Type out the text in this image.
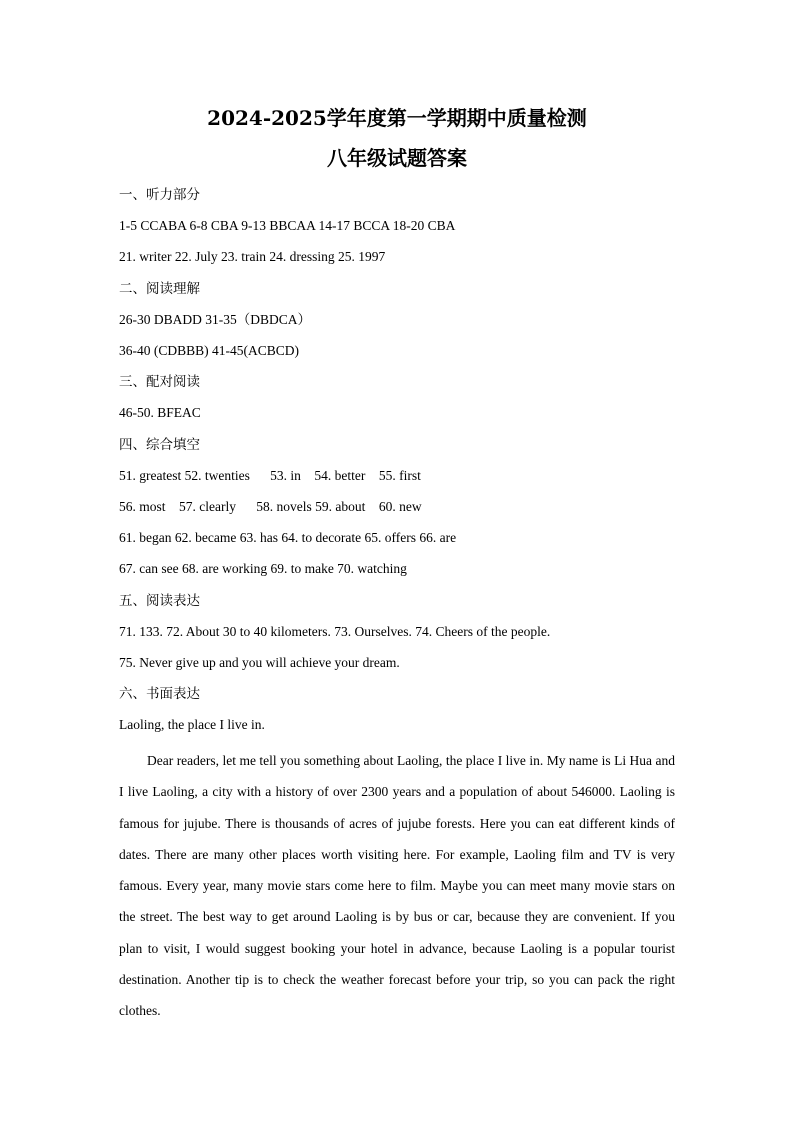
2024-2025学年度第一学期期中质量检测
八年级试题答案
一、听力部分
1-5 CCABA 6-8 CBA 9-13 BBCAA 14-17 BCCA 18-20 CBA
21. writer 22. July 23. train 24. dressing 25. 1997
二、阅读理解
26-30 DBADD 31-35（DBDCA）
36-40 (CDBBB) 41-45(ACBCD)
三、配对阅读
46-50. BFEAC
四、综合填空
51. greatest 52. twenties      53. in    54. better    55. first
56. most    57. clearly      58. novels 59. about    60. new
61. began 62. became 63. has 64. to decorate 65. offers 66. are
67. can see 68. are working 69. to make 70. watching
五、阅读表达
71. 133. 72. About 30 to 40 kilometers. 73. Ourselves. 74. Cheers of the people.
75. Never give up and you will achieve your dream.
六、书面表达
Laoling, the place I live in.
Dear readers, let me tell you something about Laoling, the place I live in. My name is Li Hua and I live Laoling, a city with a history of over 2300 years and a population of about 546000. Laoling is famous for jujube. There is thousands of acres of jujube forests. Here you can eat different kinds of dates. There are many other places worth visiting here. For example, Laoling film and TV is very famous. Every year, many movie stars come here to film. Maybe you can meet many movie stars on the street. The best way to get around Laoling is by bus or car, because they are convenient. If you plan to visit, I would suggest booking your hotel in advance, because Laoling is a popular tourist destination. Another tip is to check the weather forecast before your trip, so you can pack the right clothes.
